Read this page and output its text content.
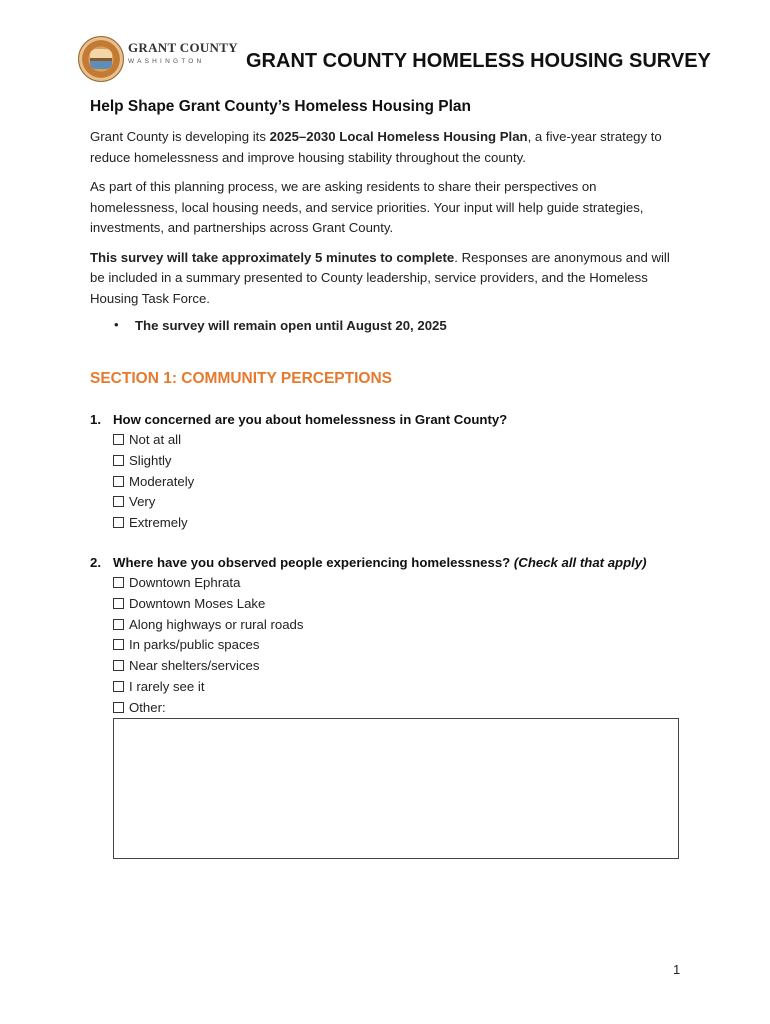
GRANT COUNTY
WASHINGTON GRANT COUNTY HOMELESS HOUSING SURVEY
Help Shape Grant County’s Homeless Housing Plan

Grant County is developing its 2025–2030 Local Homeless Housing Plan, a five-year strategy to reduce homelessness and improve housing stability throughout the county.

As part of this planning process, we are asking residents to share their perspectives on homelessness, local housing needs, and service priorities. Your input will help guide strategies, investments, and partnerships across Grant County.

This survey will take approximately 5 minutes to complete. Responses are anonymous and will be included in a summary presented to County leadership, service providers, and the Homeless Housing Task Force.

• The survey will remain open until August 20, 2025
SECTION 1: COMMUNITY PERCEPTIONS
1. How concerned are you about homelessness in Grant County?
Not at all
Slightly
Moderately
Very
Extremely
2. Where have you observed people experiencing homelessness? (Check all that apply)
Downtown Ephrata
Downtown Moses Lake
Along highways or rural roads
In parks/public spaces
Near shelters/services
I rarely see it
Other:
1
